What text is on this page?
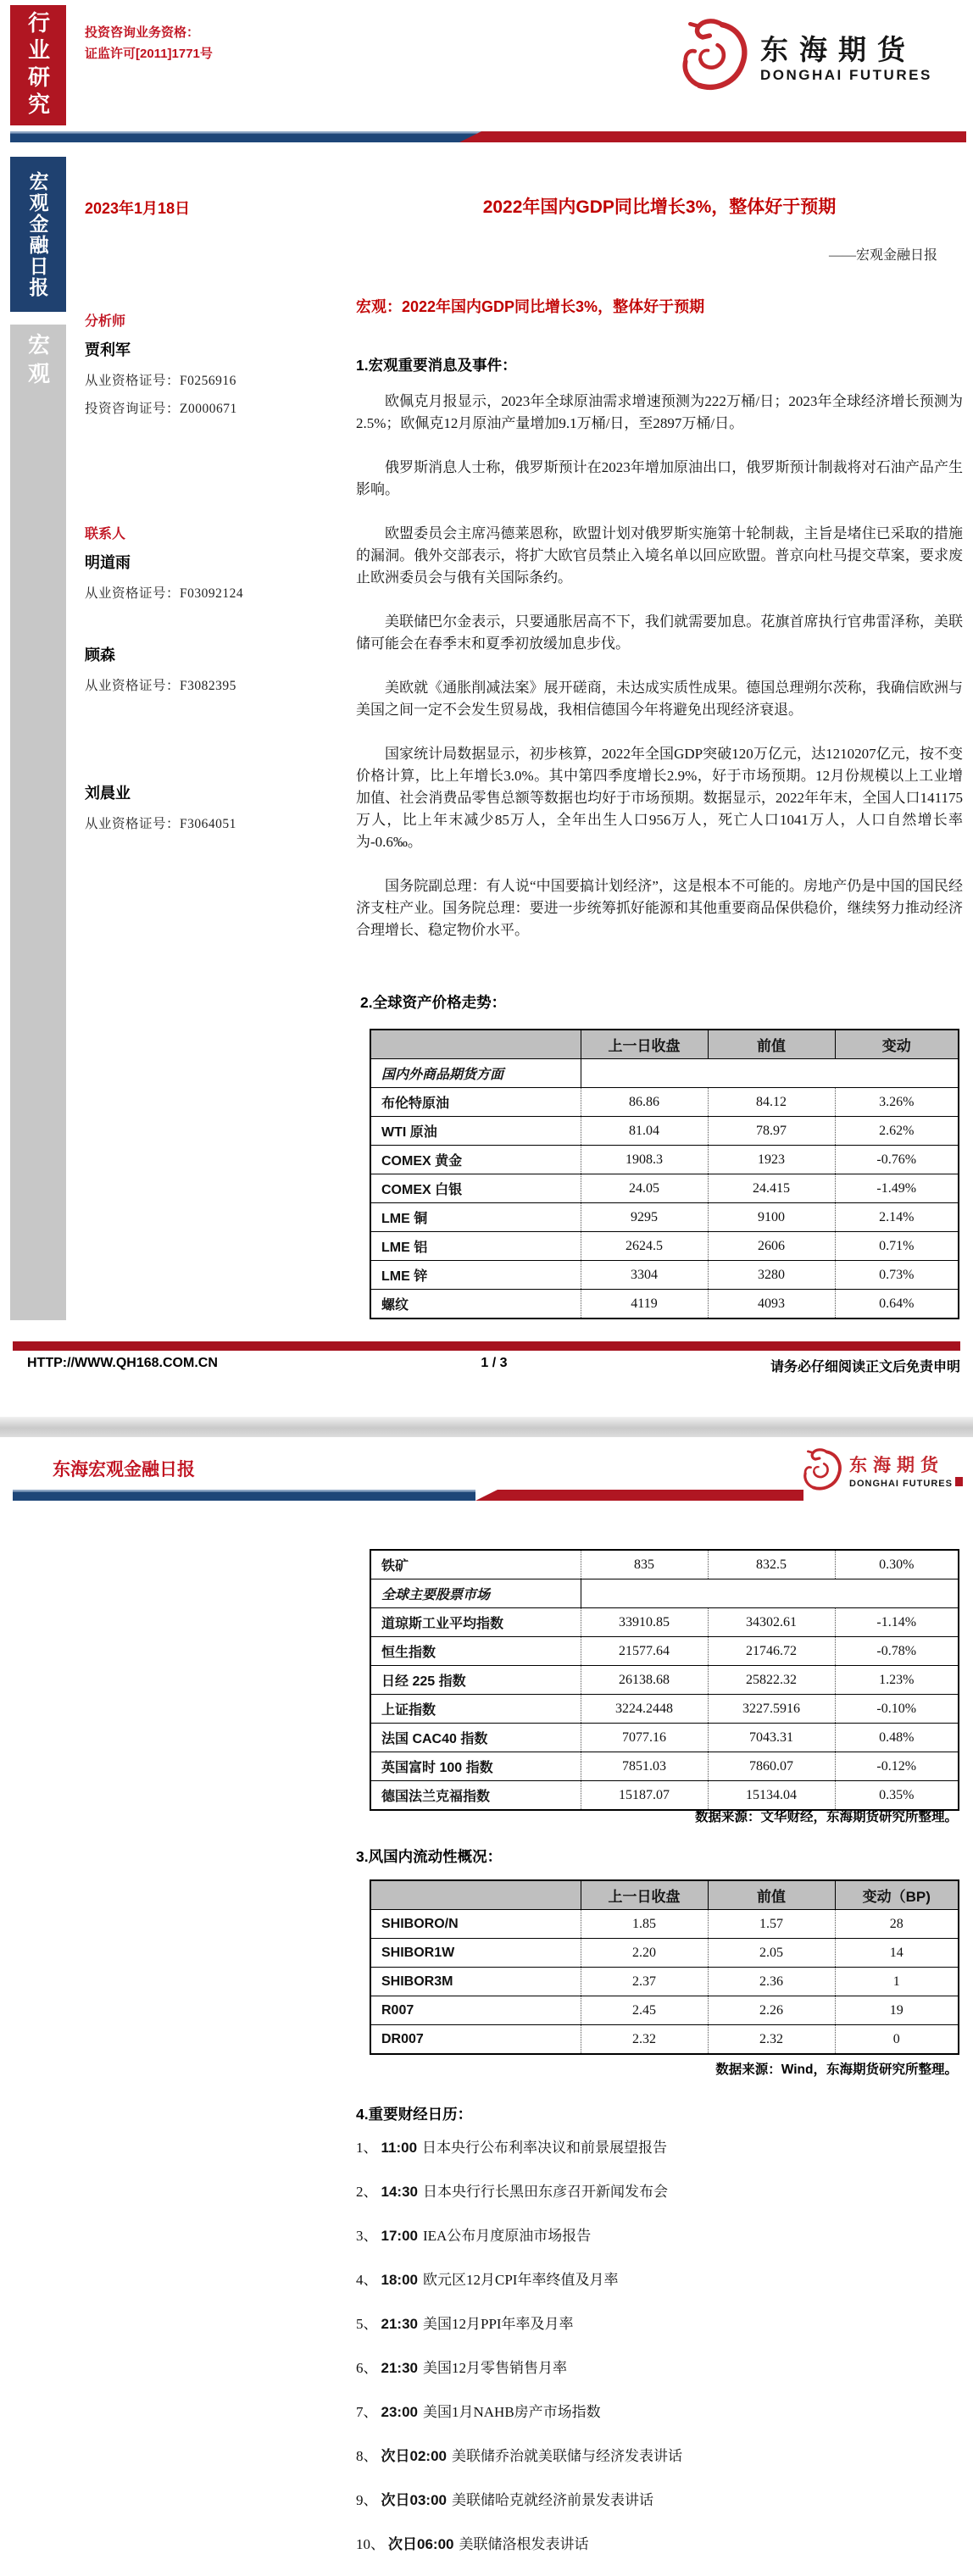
行业研究	投资咨询业务资格：
证监许可[2011]1771号	东海期货
DONGHAI FUTURES
宏观金融日报
宏观
2023年1月18日	2022年国内GDP同比增长3%，整体好于预期
——宏观金融日报
宏观：2022年国内GDP同比增长3%，整体好于预期
分析师
贾利军
从业资格证号：F0256916
投资咨询证号：Z0000671
联系人
明道雨
从业资格证号：F03092124
顾森
从业资格证号：F3082395
刘晨业
从业资格证号：F3064051
1.宏观重要消息及事件：

欧佩克月报显示，2023年全球原油需求增速预测为222万桶/日；2023年全球经济增长预测为2.5%；欧佩克12月原油产量增加9.1万桶/日，至2897万桶/日。

俄罗斯消息人士称，俄罗斯预计在2023年增加原油出口，俄罗斯预计制裁将对石油产品产生影响。

欧盟委员会主席冯德莱恩称，欧盟计划对俄罗斯实施第十轮制裁，主旨是堵住已采取的措施的漏洞。俄外交部表示，将扩大欧官员禁止入境名单以回应欧盟。普京向杜马提交草案，要求废止欧洲委员会与俄有关国际条约。

美联储巴尔金表示，只要通胀居高不下，我们就需要加息。花旗首席执行官弗雷泽称，美联储可能会在春季末和夏季初放缓加息步伐。

美欧就《通胀削减法案》展开磋商，未达成实质性成果。德国总理朔尔茨称，我确信欧洲与美国之间一定不会发生贸易战，我相信德国今年将避免出现经济衰退。

国家统计局数据显示，初步核算，2022年全国GDP突破120万亿元，达1210207亿元，按不变价格计算，比上年增长3.0%。其中第四季度增长2.9%，好于市场预期。12月份规模以上工业增加值、社会消费品零售总额等数据也均好于市场预期。数据显示，2022年年末，全国人口141175万人，比上年末减少85万人，全年出生人口956万人，死亡人口1041万人，人口自然增长率为-0.6‰。

国务院副总理：有人说“中国要搞计划经济”，这是根本不可能的。房地产仍是中国的国民经济支柱产业。国务院总理：要进一步统筹抓好能源和其他重要商品保供稳价，继续努力推动经济合理增长、稳定物价水平。

2.全球资产价格走势：
	上一日收盘	前值	变动
国内外商品期货方面			
布伦特原油	86.86	84.12	3.26%
WTI 原油	81.04	78.97	2.62%
COMEX 黄金	1908.3	1923	-0.76%
COMEX 白银	24.05	24.415	-1.49%
LME 铜	9295	9100	2.14%
LME 铝	2624.5	2606	0.71%
LME 锌	3304	3280	0.73%
螺纹	4119	4093	0.64%
HTTP://WWW.QH168.COM.CN	1 / 3	请务必仔细阅读正文后免责申明
东海宏观金融日报	东海期货
DONGHAI FUTURES
铁矿	835	832.5	0.30%
全球主要股票市场			
道琼斯工业平均指数	33910.85	34302.61	-1.14%
恒生指数	21577.64	21746.72	-0.78%
日经 225 指数	26138.68	25822.32	1.23%
上证指数	3224.2448	3227.5916	-0.10%
法国 CAC40 指数	7077.16	7043.31	0.48%
英国富时 100 指数	7851.03	7860.07	-0.12%
德国法兰克福指数	15187.07	15134.04	0.35%
数据来源：文华财经，东海期货研究所整理。
3.风国内流动性概况：
	上一日收盘	前值	变动（BP)
SHIBORO/N	1.85	1.57	28
SHIBOR1W	2.20	2.05	14
SHIBOR3M	2.37	2.36	1
R007	2.45	2.26	19
DR007	2.32	2.32	0
数据来源：Wind，东海期货研究所整理。
4.重要财经日历：
1、 11:00 日本央行公布利率决议和前景展望报告
2、 14:30 日本央行行长黑田东彦召开新闻发布会
3、 17:00 IEA公布月度原油市场报告
4、 18:00 欧元区12月CPI年率终值及月率
5、 21:30 美国12月PPI年率及月率
6、 21:30 美国12月零售销售月率
7、 23:00 美国1月NAHB房产市场指数
8、 次日02:00 美联储乔治就美联储与经济发表讲话
9、 次日03:00 美联储哈克就经济前景发表讲话
10、 次日06:00 美联储洛根发表讲话
